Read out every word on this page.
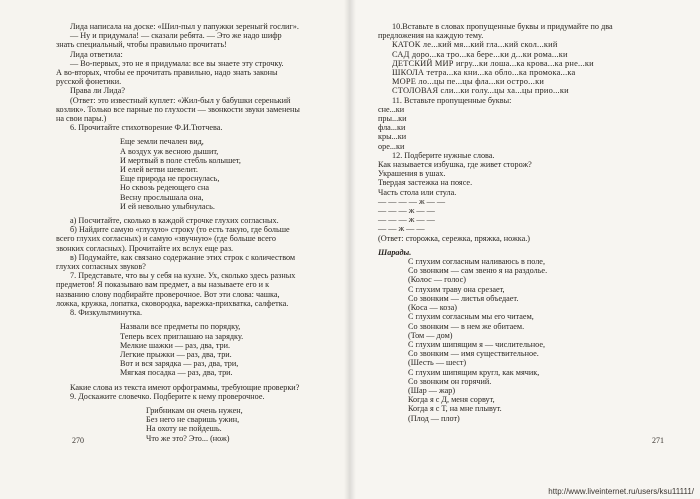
Лида написала на доске: «Шил-пыл у папужки зереныгй гослиг».
— Ну и придумала! — сказали ребята. — Это же надо шифр
знать специальный, чтобы правильно прочитать!
Лида ответила:
— Во-первых, это не я придумала: все вы знаете эту строчку.
А во-вторых, чтобы ее прочитать правильно, надо знать законы
русской фонетики.
Права ли Лида?
(Ответ: это известный куплет: «Жил-был у бабушки серенький
козлик». Только все парные по глухости — звонкости звуки заменены
на свои пары.)
6. Прочитайте стихотворение Ф.И.Тютчева.
Еще земли печален вид,
А воздух уж весною дышит,
И мертвый в поле стебль колышет,
И елей ветви шевелит.
Еще природа не проснулась,
Но сквозь редеющего сна
Весну прослышала она,
И ей невольно улыбнулась.
а) Посчитайте, сколько в каждой строчке глухих согласных.
б) Найдите самую «глухую» строку (то есть такую, где больше
всего глухих согласных) и самую «звучную» (где больше всего
звонких согласных). Прочитайте их вслух еще раз.
в) Подумайте, как связано содержание этих строк с количеством
глухих согласных звуков?
7. Представьте, что вы у себя на кухне. Ух, сколько здесь разных
предметов! Я показываю вам предмет, а вы называете его и к
названию слову подбирайте проверочное. Вот эти слова: чашка,
ложка, кружка, лопатка, сковородка, варежка-прихватка, салфетка.
8. Физкультминутка.
Назвали все предметы по порядку,
Теперь всех приглашаю на зарядку.
Мелкие шажки — раз, два, три.
Легкие прыжки — раз, два, три.
Вот и вся зарядка — раз, два, три,
Мягкая посадка — раз, два, три.
Какие слова из текста имеют орфограммы, требующие проверки?
9. Доскажите словечко. Подберите к нему проверочное.
Грибникам он очень нужен,
Без него не сваришь ужин,
На охоту не пойдешь.
Что же это? Это... (нож)
270
10.Вставьте в словах пропущенные буквы и придумайте по два
предложения на каждую тему.
КАТОК ле...кий мя...кий гла...кий скол...кий
САД доро...ка тро...ка бере...ки д...ки рома...ки
ДЕТСКИЙ МИР игру...ки лоша...ка крова...ка рне...ки
ШКОЛА тетра...ка кни...ка обло...ка промока...ка
МОРЕ ло...цы пе...цы фла...ки остро...ки
СТОЛОВАЯ сли...ки голу...цы ха...цы прио...ки
11. Вставьте пропущенные буквы:
сне...ки
пры...ки
фла...ки
кры...ки
оре...ки
12. Подберите нужные слова.
Как называется избушка, где живет сторож?
Украшения в ушах.
Твердая застежка на поясе.
Часть стола или стула.
— — — — ж — —
— — — ж — —
— — — ж — —
— — ж — —
(Ответ: сторожка, сережка, пряжка, ножка.)
Шарады.
С глухим согласным наливаюсь в поле,
Со звонким — сам звеню я на раздолье.
(Колос — голос)
С глухим траву она срезает,
Со звонким — листья объедает.
(Коса — коза)
С глухим согласным мы его читаем,
Со звонким — в нем же обитаем.
(Том — дом)
С глухим шипящим я — числительное,
Со звонким — имя существительное.
(Шесть — шест)
С глухим шипящим кругл, как мячик,
Со звонким он горячий.
(Шар — жар)
Когда я с Д, меня сорвут,
Когда я с Т, на мне плывут.
(Плод — плот)
271
http://www.liveinternet.ru/users/ksu11111/
